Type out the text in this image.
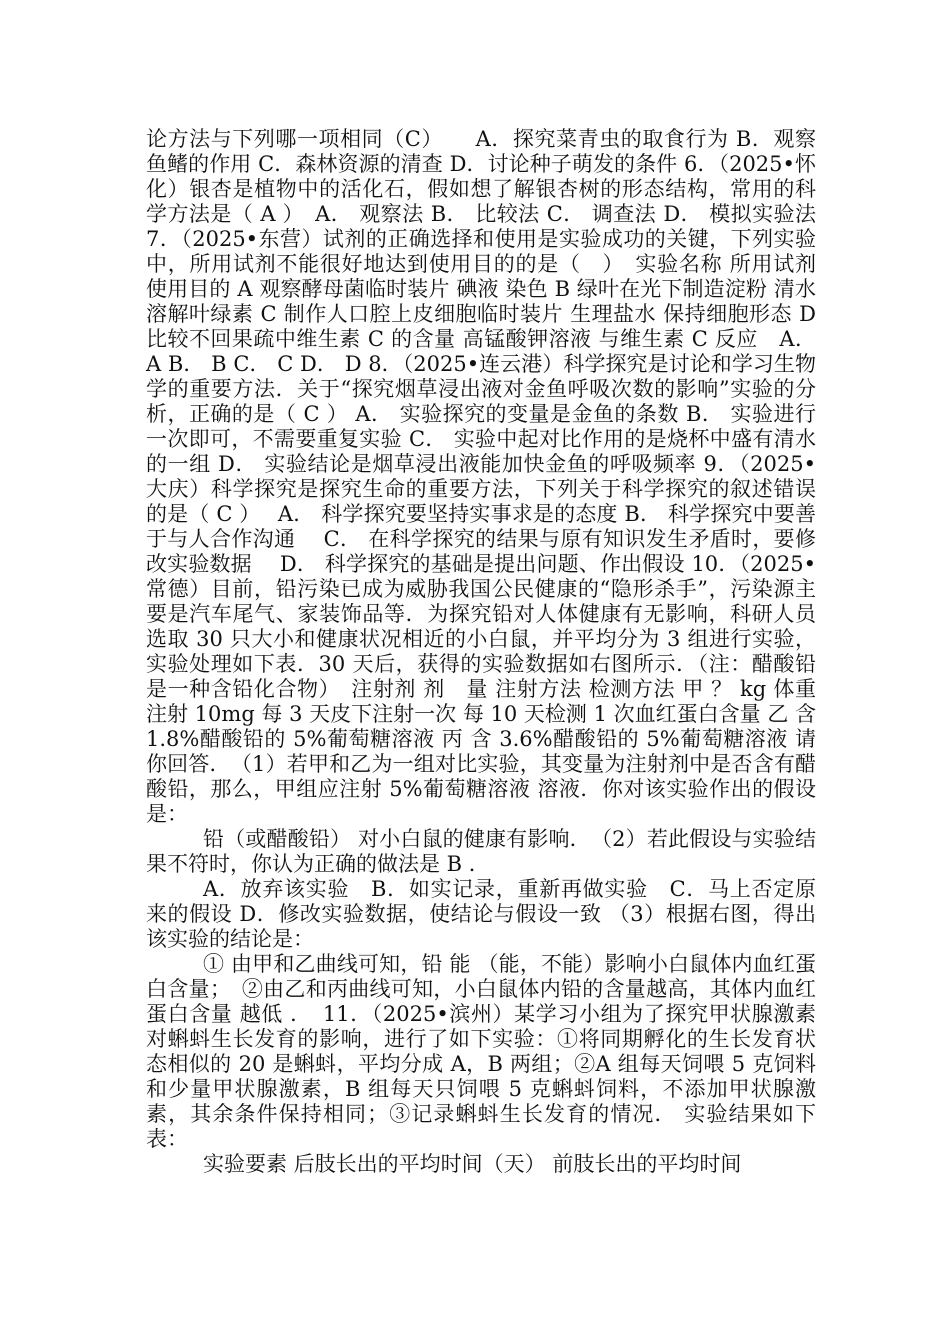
论方法与下列哪一项相同（C）　　A．探究菜青虫的取食行为 B．观察鱼鳍的作用 C．森林资源的清查 D．讨论种子萌发的条件 6．（2025•怀化）银杏是植物中的活化石，假如想了解银杏树的形态结构，常用的科学方法是（ A ）　A． 观察法 B． 比较法 C． 调查法 D． 模拟实验法 7．（2025•东营）试剂的正确选择和使用是实验成功的关键，下列实验中，所用试剂不能很好地达到使用目的的是（　）　实验名称 所用试剂 使用目的 A 观察酵母菌临时装片 碘液 染色 B 绿叶在光下制造淀粉 清水 溶解叶绿素 C 制作人口腔上皮细胞临时装片 生理盐水 保持细胞形态 D 比较不回果疏中维生素 C 的含量 高锰酸钾溶液 与维生素 C 反应　A． A B． B C． C D． D 8．（2025•连云港）科学探究是讨论和学习生物学的重要方法．关于“探究烟草浸出液对金鱼呼吸次数的影响”实验的分析，正确的是（ C ） A． 实验探究的变量是金鱼的条数 B． 实验进行一次即可，不需要重复实验 C． 实验中起对比作用的是烧杯中盛有清水的一组 D． 实验结论是烟草浸出液能加快金鱼的呼吸频率 9．（2025•大庆）科学探究是探究生命的重要方法，下列关于科学探究的叙述错误的是（ C ）　 A． 科学探究要坚持实事求是的态度 B． 科学探究中要善于与人合作沟通　 C． 在科学探究的结果与原有知识发生矛盾时，要修改实验数据　 D． 科学探究的基础是提出问题、作出假设 10．（2025•常德）目前，铅污染已成为威胁我国公民健康的“隐形杀手”，污染源主要是汽车尾气、家装饰品等．为探究铅对人体健康有无影响，科研人员选取 30 只大小和健康状况相近的小白鼠，并平均分为 3 组进行实验，实验处理如下表．30 天后，获得的实验数据如右图所示．（注：醋酸铅是一种含铅化合物）　注射剂 剂　量 注射方法 检测方法 甲 ？ kg 体重 注射 10mg 每 3 天皮下注射一次 每 10 天检测 1 次血红蛋白含量 乙 含 1.8%醋酸铅的 5%葡萄糖溶液 丙 含 3.6%醋酸铅的 5%葡萄糖溶液 请你回答．　（1）若甲和乙为一组对比实验，其变量为注射剂中是否含有醋酸铅，那么，甲组应注射 5%葡萄糖溶液 溶液．你对该实验作出的假设是：

铅（或醋酸铅） 对小白鼠的健康有影响．　（2）若此假设与实验结果不符时，你认为正确的做法是 B ．

A．放弃该实验　B．如实记录，重新再做实验　C．马上否定原来的假设 D．修改实验数据，使结论与假设一致 （3）根据右图，得出该实验的结论是：

① 由甲和乙曲线可知，铅 能 （能，不能）影响小白鼠体内血红蛋白含量；　②由乙和丙曲线可知，小白鼠体内铅的含量越高，其体内血红蛋白含量 越低 ．　11．（2025•滨州）某学习小组为了探究甲状腺激素对蝌蚪生长发育的影响，进行了如下实验：①将同期孵化的生长发育状态相似的 20 是蝌蚪，平均分成 A，B 两组；②A 组每天饲喂 5 克饲料和少量甲状腺激素，B 组每天只饲喂 5 克蝌蚪饲料，不添加甲状腺激素，其余条件保持相同；③记录蝌蚪生长发育的情况． 实验结果如下表：

实验要素 后肢长出的平均时间（天） 前肢长出的平均时间
